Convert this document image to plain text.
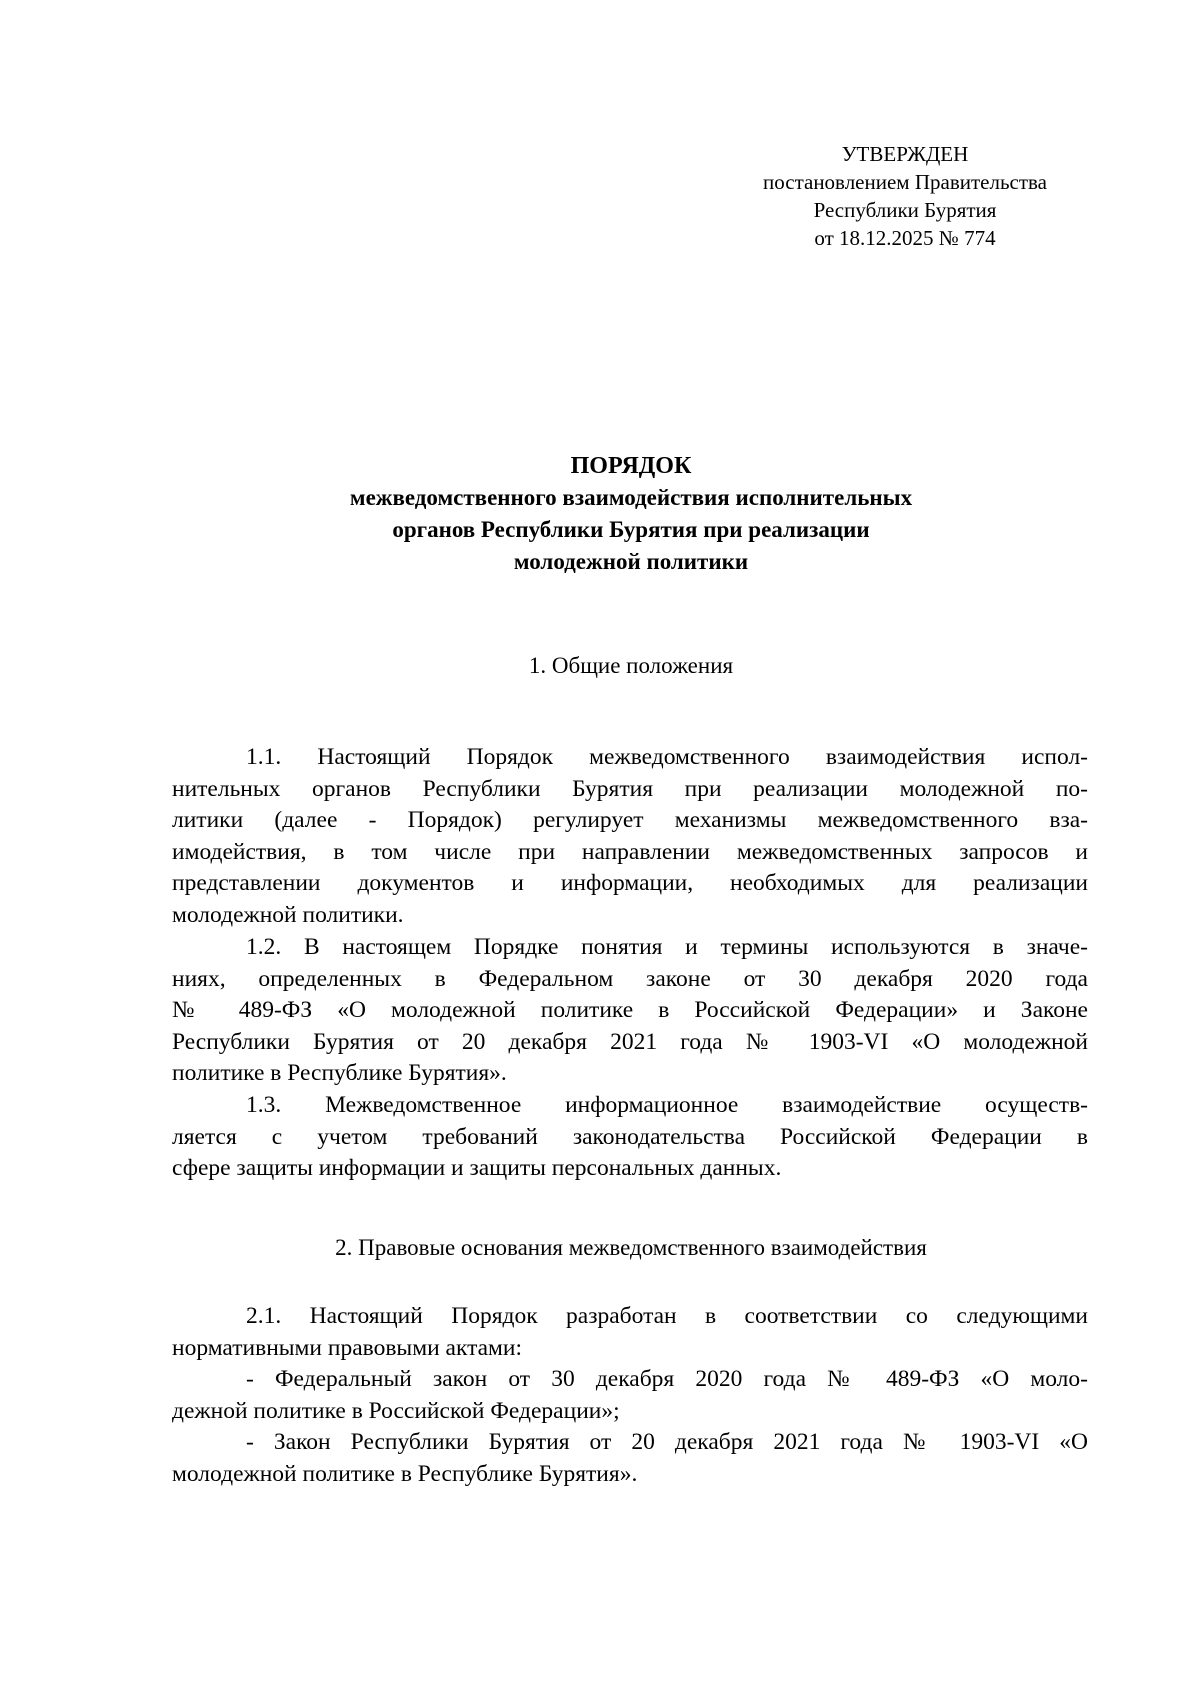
УТВЕРЖДЕН
постановлением Правительства
Республики Бурятия
от 18.12.2025 № 774
ПОРЯДОК
межведомственного взаимодействия исполнительных
органов Республики Бурятия при реализации
молодежной политики
1. Общие положения
1.1. Настоящий Порядок межведомственного взаимодействия испол-
нительных органов Республики Бурятия при реализации молодежной по-
литики (далее - Порядок) регулирует механизмы межведомственного вза-
имодействия, в том числе при направлении межведомственных запросов и
представлении документов и информации, необходимых для реализации
молодежной политики.
1.2. В настоящем Порядке понятия и термины используются в значе-
ниях, определенных в Федеральном законе от 30 декабря 2020 года
№ 489-ФЗ «О молодежной политике в Российской Федерации» и Законе
Республики Бурятия от 20 декабря 2021 года № 1903-VI «О молодежной
политике в Республике Бурятия».
1.3. Межведомственное информационное взаимодействие осуществ-
ляется с учетом требований законодательства Российской Федерации в
сфере защиты информации и защиты персональных данных.
2. Правовые основания межведомственного взаимодействия
2.1. Настоящий Порядок разработан в соответствии со следующими
нормативными правовыми актами:
- Федеральный закон от 30 декабря 2020 года № 489-ФЗ «О моло-
дежной политике в Российской Федерации»;
- Закон Республики Бурятия от 20 декабря 2021 года № 1903-VI «О
молодежной политике в Республике Бурятия».
